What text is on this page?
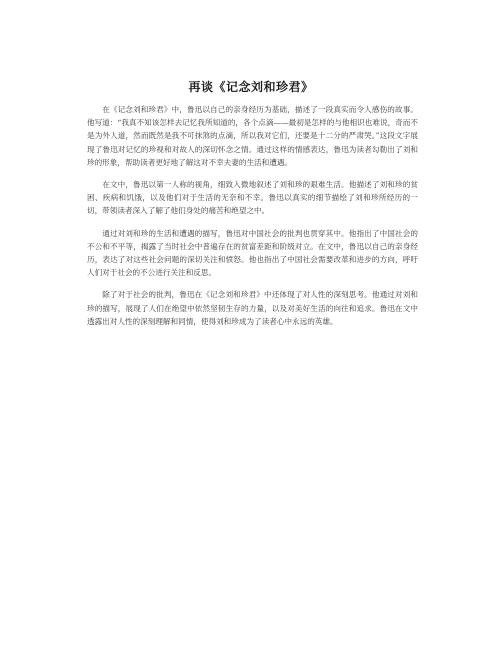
再谈《记念刘和珍君》

在《记念刘和珍君》中，鲁迅以自己的亲身经历为基础，描述了一段真实而令人感伤的故事。他写道：“我真不知该怎样去记忆我所知道的，各个点滴——最初是怎样的与他相识也难说，奇而不是为外人道，然而既然是我不可抹煞的点滴，所以我对它们，还要是十二分的严肃哭。”这段文字展现了鲁迅对记忆的珍视和对故人的深切怀念之情。通过这样的情感表达，鲁迅为读者勾勒出了刘和珍的形象，帮助读者更好地了解这对不幸夫妻的生活和遭遇。

在文中，鲁迅以第一人称的视角，细致入微地叙述了刘和珍的艰难生活。他描述了刘和珍的贫困、疾病和饥饿，以及他们对于生活的无奈和不幸。鲁迅以真实的细节描绘了刘和珍所经历的一切，带领读者深入了解了他们身处的痛苦和绝望之中。

通过对刘和珍的生活和遭遇的描写，鲁迅对中国社会的批判也贯穿其中。他指出了中国社会的不公和不平等，揭露了当时社会中普遍存在的贫富差距和阶级对立。在文中，鲁迅以自己的亲身经历，表达了对这些社会问题的深切关注和愤怒。他也指出了中国社会需要改革和进步的方向，呼吁人们对于社会的不公进行关注和反思。

除了对于社会的批判，鲁迅在《记念刘和珍君》中还体现了对人性的深刻思考。他通过对刘和珍的描写，展现了人们在绝望中依然坚韧生存的力量，以及对美好生活的向往和追求。鲁迅在文中透露出对人性的深刻理解和同情，使得刘和珍成为了读者心中永远的英雄。
